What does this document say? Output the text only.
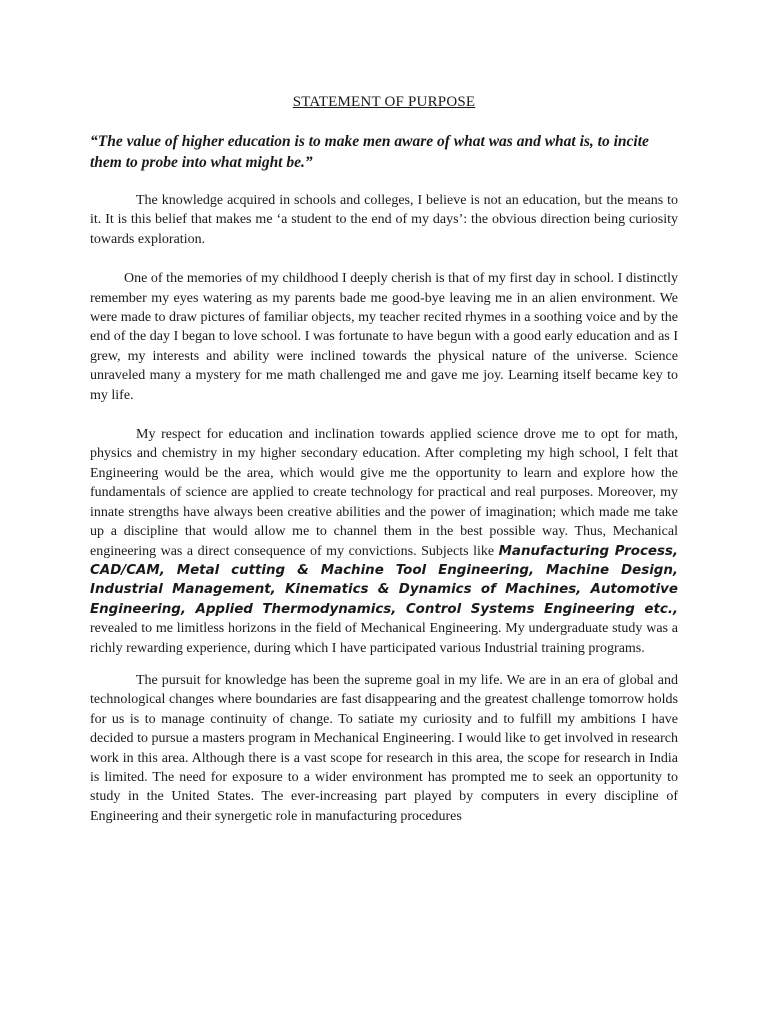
STATEMENT OF PURPOSE
“The value of higher education is to make men aware of what was and what is, to incite them to probe into what might be.”

The knowledge acquired in schools and colleges, I believe is not an education, but the means to it. It is this belief that makes me ‘a student to the end of my days’: the obvious direction being curiosity towards exploration.

One of the memories of my childhood I deeply cherish is that of my first day in school. I distinctly remember my eyes watering as my parents bade me good-bye leaving me in an alien environment. We were made to draw pictures of familiar objects, my teacher recited rhymes in a soothing voice and by the end of the day I began to love school. I was fortunate to have begun with a good early education and as I grew, my interests and ability were inclined towards the physical nature of the universe. Science unraveled many a mystery for me math challenged me and gave me joy. Learning itself became key to my life.

My respect for education and inclination towards applied science drove me to opt for math, physics and chemistry in my higher secondary education. After completing my high school, I felt that Engineering would be the area, which would give me the opportunity to learn and explore how the fundamentals of science are applied to create technology for practical and real purposes. Moreover, my innate strengths have always been creative abilities and the power of imagination; which made me take up a discipline that would allow me to channel them in the best possible way. Thus, Mechanical engineering was a direct consequence of my convictions. Subjects like Manufacturing Process, CAD/CAM, Metal cutting & Machine Tool Engineering, Machine Design, Industrial Management, Kinematics & Dynamics of Machines, Automotive Engineering, Applied Thermodynamics, Control Systems Engineering etc., revealed to me limitless horizons in the field of Mechanical Engineering. My undergraduate study was a richly rewarding experience, during which I have participated various Industrial training programs.

The pursuit for knowledge has been the supreme goal in my life. We are in an era of global and technological changes where boundaries are fast disappearing and the greatest challenge tomorrow holds for us is to manage continuity of change. To satiate my curiosity and to fulfill my ambitions I have decided to pursue a masters program in Mechanical Engineering. I would like to get involved in research work in this area. Although there is a vast scope for research in this area, the scope for research in India is limited. The need for exposure to a wider environment has prompted me to seek an opportunity to study in the United States. The ever-increasing part played by computers in every discipline of Engineering and their synergetic role in manufacturing procedures
